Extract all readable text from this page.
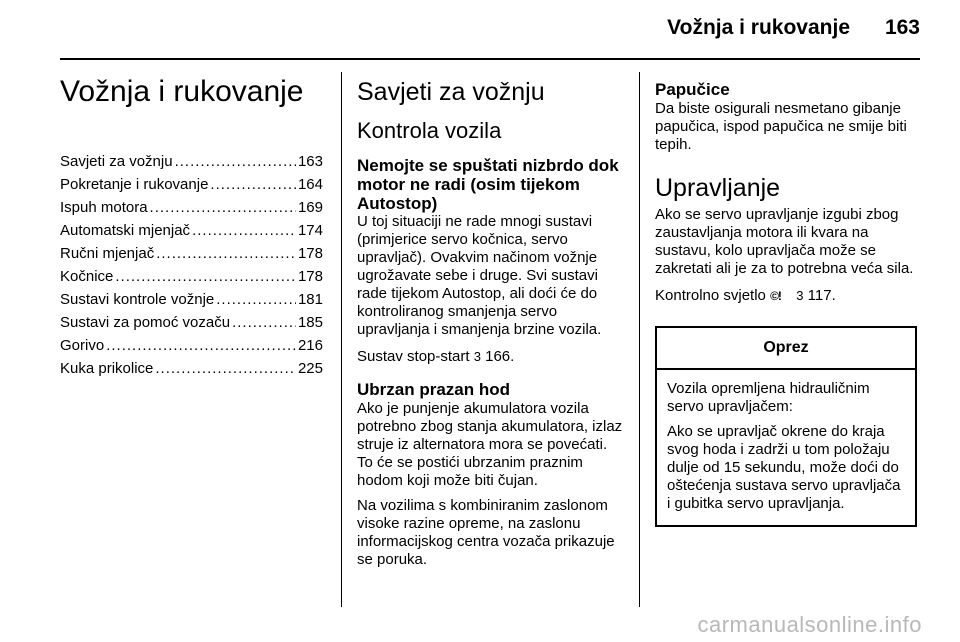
Vožnja i rukovanje 163
Vožnja i rukovanje
Savjeti za vožnju .....	163
Pokretanje i rukovanje .....	164
Ispuh motora .....	169
Automatski mjenjač .....	174
Ručni mjenjač .....	178
Kočnice .....	178
Sustavi kontrole vožnje .....	181
Sustavi za pomoć vozaču .....	185
Gorivo .....	216
Kuka prikolice .....	225
Savjeti za vožnju
Kontrola vozila
Nemojte se spuštati nizbrdo dok motor ne radi (osim tijekom Autostop)
U toj situaciji ne rade mnogi sustavi (primjerice servo kočnica, servo upravljač). Ovakvim načinom vožnje ugrožavate sebe i druge. Svi sustavi rade tijekom Autostop, ali doći će do kontroliranog smanjenja servo upravljanja i smanjenja brzine vozila.
Sustav stop-start 3 166.
Ubrzan prazan hod
Ako je punjenje akumulatora vozila potrebno zbog stanja akumulatora, izlaz struje iz alternatora mora se povećati. To će se postići ubrzanim praznim hodom koji može biti čujan.
Na vozilima s kombiniranim zaslonom visoke razine opreme, na zaslonu informacijskog centra vozača prikazuje se poruka.
Papučice
Da biste osigurali nesmetano gibanje papučica, ispod papučica ne smije biti tepih.
Upravljanje
Ako se servo upravljanje izgubi zbog zaustavljanja motora ili kvara na sustavu, kolo upravljača može se zakretati ali je za to potrebna veća sila.
Kontrolno svjetlo ©! 3 117.
Oprez
Vozila opremljena hidrauličnim servo upravljačem:
Ako se upravljač okrene do kraja svog hoda i zadrži u tom položaju dulje od 15 sekundu, može doći do oštećenja sustava servo upravljača i gubitka servo upravljanja.
carmanualsonline.info
